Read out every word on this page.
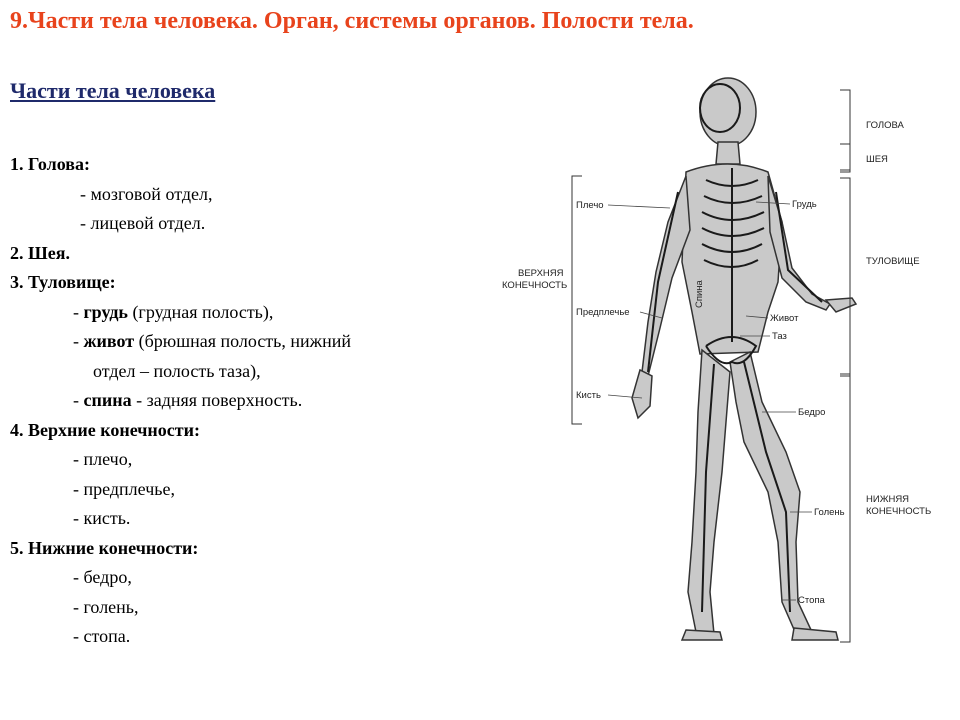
9.Части тела человека. Орган, системы органов. Полости тела.
Части тела человека
1. Голова:
- мозговой отдел,
- лицевой отдел.
2. Шея.
3. Туловище:
- грудь (грудная полость),
- живот (брюшная полость, нижний
отдел – полость таза),
- спина - задняя поверхность.
4. Верхние конечности:
- плечо,
- предплечье,
- кисть.
5. Нижние конечности:
- бедро,
- голень,
- стопа.
ГОЛОВА
ШЕЯ
ТУЛОВИЩЕ
НИЖНЯЯ
КОНЕЧНОСТЬ
ВЕРХНЯЯ
КОНЕЧНОСТЬ
Плечо
Предплечье
Кисть
Грудь
Живот
Таз
Бедро
Голень
Стопа
Спина
